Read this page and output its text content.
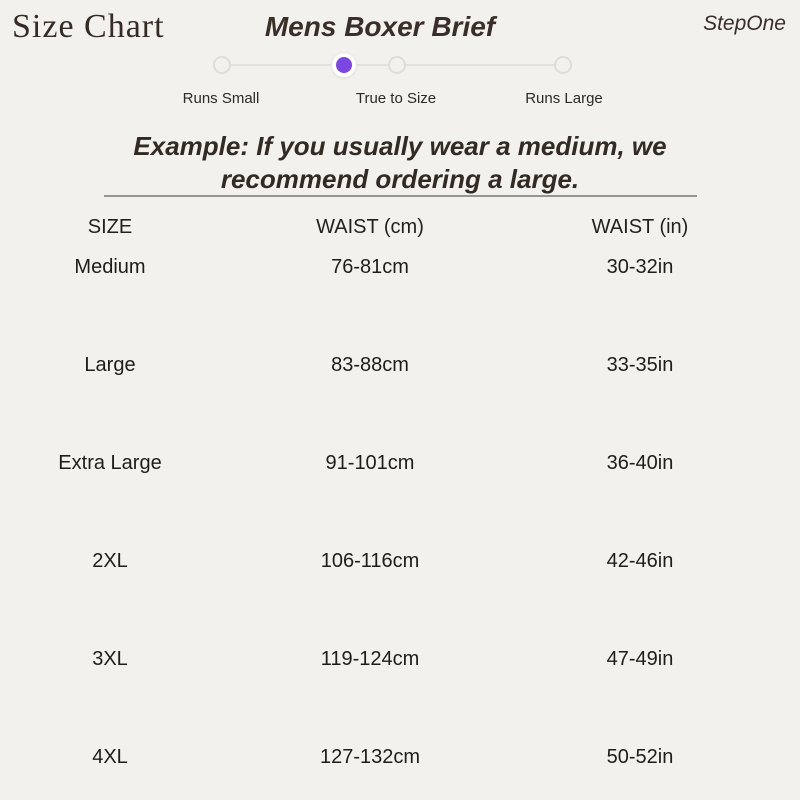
Size Chart	Mens Boxer Brief	StepOne
Runs Small	True to Size	Runs Large
Example: If you usually wear a medium, we
recommend ordering a large.
SIZE	WAIST (cm)	WAIST (in)
Medium	76-81cm	30-32in
Large	83-88cm	33-35in
Extra Large	91-101cm	36-40in
2XL	106-116cm	42-46in
3XL	119-124cm	47-49in
4XL	127-132cm	50-52in
